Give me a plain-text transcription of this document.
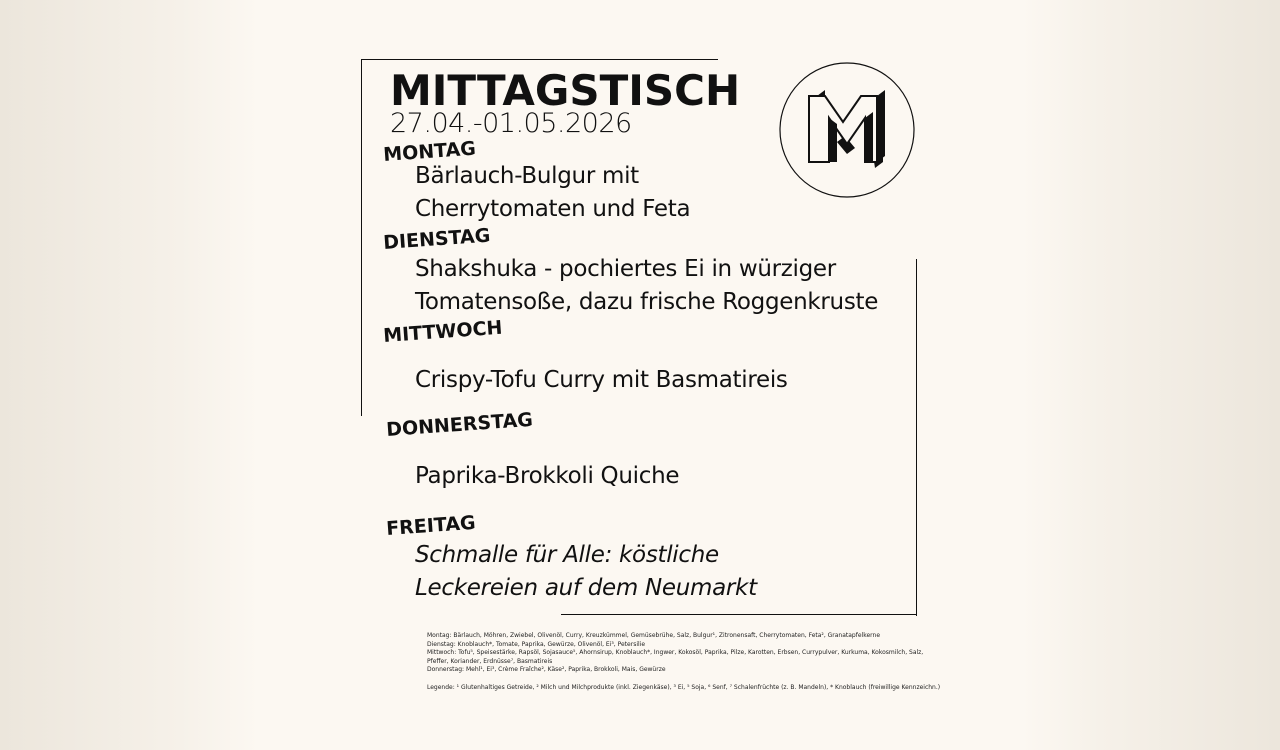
MITTAGSTISCH
27.04.-01.05.2026
MONTAG
Bärlauch-Bulgur mit
Cherrytomaten und Feta
DIENSTAG
Shakshuka - pochiertes Ei in würziger
Tomatensoße, dazu frische Roggenkruste
MITTWOCH
Crispy-Tofu Curry mit Basmatireis
DONNERSTAG
Paprika-Brokkoli Quiche
FREITAG
Schmalle für Alle: köstliche
Leckereien auf dem Neumarkt
Montag: Bärlauch, Möhren, Zwiebel, Olivenöl, Curry, Kreuzkümmel, Gemüsebrühe, Salz, Bulgur¹, Zitronensaft, Cherrytomaten, Feta², Granatapfelkerne
Dienstag: Knoblauch*, Tomate, Paprika, Gewürze, Olivenöl, Ei³, Petersilie
Mittwoch: Tofu⁵, Speisestärke, Rapsöl, Sojasauce⁵, Ahornsirup, Knoblauch*, Ingwer, Kokosöl, Paprika, Pilze, Karotten, Erbsen, Currypulver, Kurkuma, Kokosmilch, Salz, Pfeffer, Koriander, Erdnüsse⁷, Basmatireis
Donnerstag: Mehl¹, Ei³, Crème Fraîche², Käse², Paprika, Brokkoli, Mais, Gewürze
Legende: ¹ Glutenhaltiges Getreide, ² Milch und Milchprodukte (inkl. Ziegenkäse), ³ Ei, ⁵ Soja, ⁶ Senf, ⁷ Schalenfrüchte (z. B. Mandeln), * Knoblauch (freiwillige Kennzeichn.)
